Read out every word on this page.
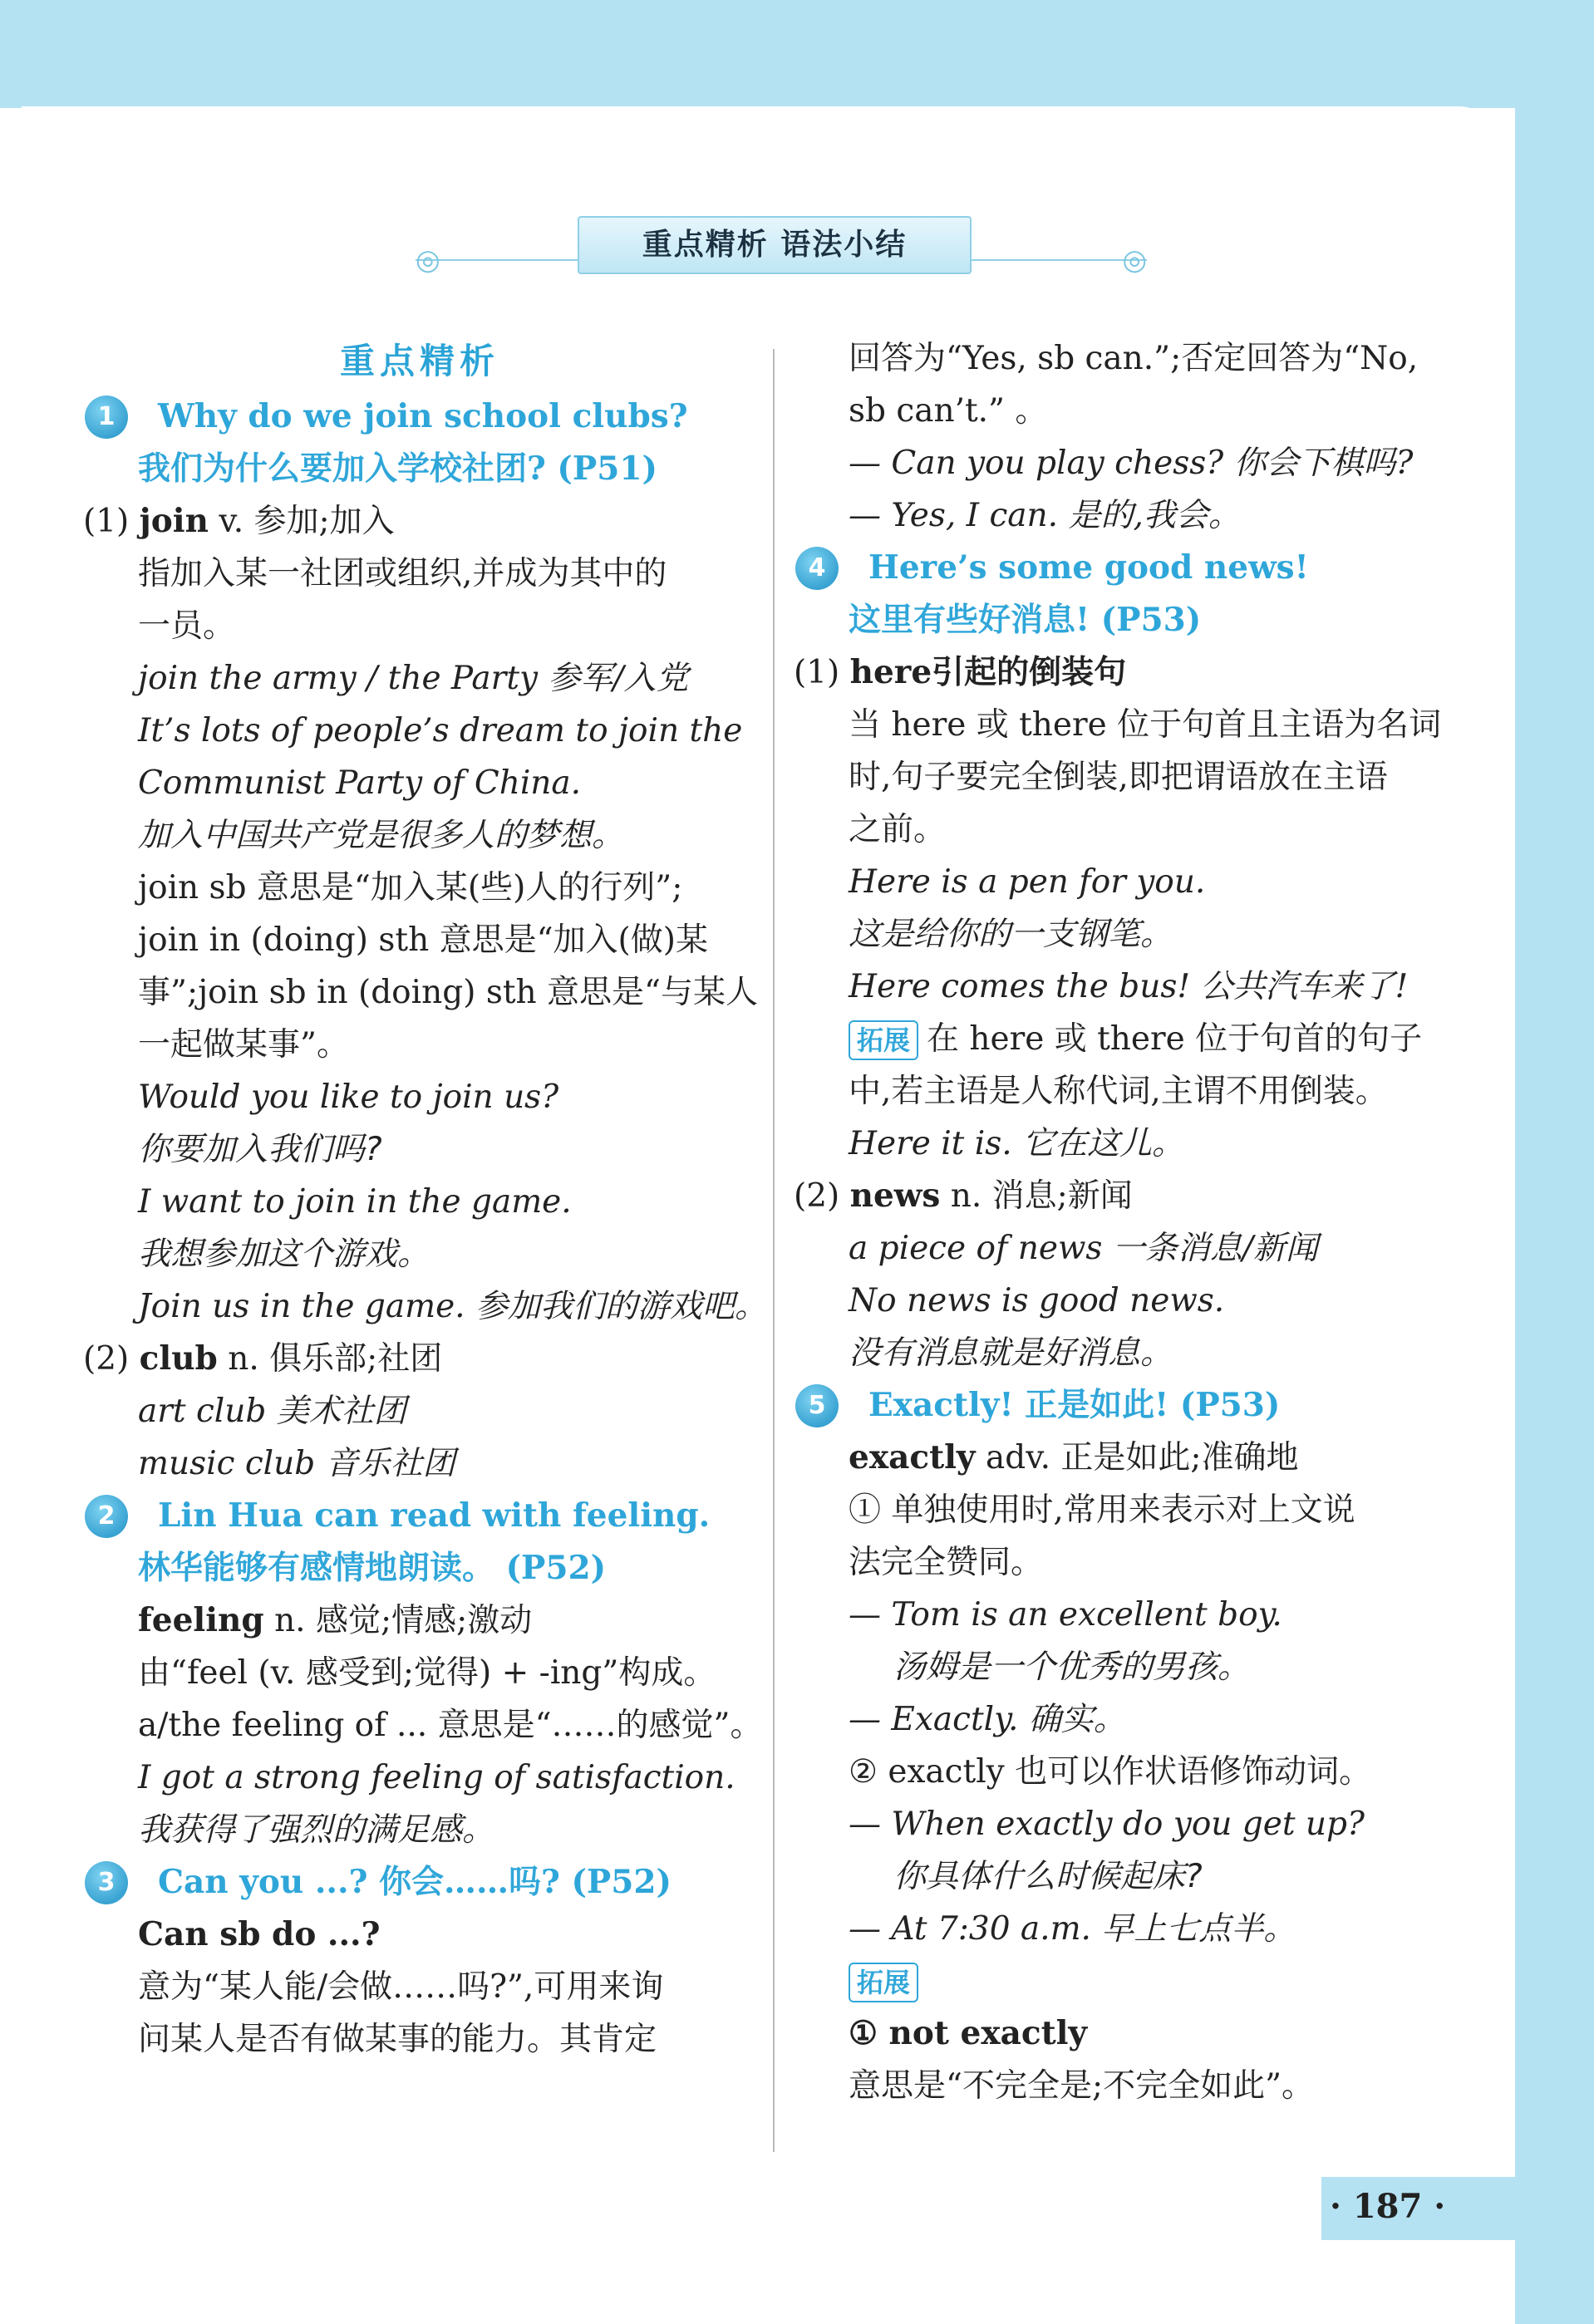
◎	◎
重点精析 语法小结
重点精析
1	Why do we join school clubs?
我们为什么要加入学校社团? (P51)
(1) join v. 参加;加入
指加入某一社团或组织,并成为其中的
一员。
join the army / the Party 参军/入党
It’s lots of people’s dream to join the
Communist Party of China.
加入中国共产党是很多人的梦想。
join sb 意思是“加入某(些)人的行列”;
join in (doing) sth 意思是“加入(做)某
事”;join sb in (doing) sth 意思是“与某人
一起做某事”。
Would you like to join us?
你要加入我们吗?
I want to join in the game.
我想参加这个游戏。
Join us in the game. 参加我们的游戏吧。
(2) club n. 俱乐部;社团
art club 美术社团
music club 音乐社团
2	Lin Hua can read with feeling.
林华能够有感情地朗读。 (P52)
feeling n. 感觉;情感;激动
由“feel (v. 感受到;觉得) + -ing”构成。
a/the feeling of ... 意思是“……的感觉”。
I got a strong feeling of satisfaction.
我获得了强烈的满足感。
3	Can you ...? 你会……吗? (P52)
Can sb do ...?
意为“某人能/会做……吗?”,可用来询
问某人是否有做某事的能力。其肯定
回答为“Yes, sb can.”;否定回答为“No,
sb can’t.” 。
— Can you play chess? 你会下棋吗?
— Yes, I can. 是的,我会。
4	Here’s some good news!
这里有些好消息! (P53)
(1) here引起的倒装句
当 here 或 there 位于句首且主语为名词
时,句子要完全倒装,即把谓语放在主语
之前。
Here is a pen for you.
这是给你的一支钢笔。
Here comes the bus! 公共汽车来了!
拓展 在 here 或 there 位于句首的句子
中,若主语是人称代词,主谓不用倒装。
Here it is. 它在这儿。
(2) news n. 消息;新闻
a piece of news 一条消息/新闻
No news is good news.
没有消息就是好消息。
5	Exactly! 正是如此! (P53)
exactly adv. 正是如此;准确地
① 单独使用时,常用来表示对上文说
法完全赞同。
— Tom is an excellent boy.
汤姆是一个优秀的男孩。
— Exactly. 确实。
② exactly 也可以作状语修饰动词。
— When exactly do you get up?
你具体什么时候起床?
— At 7:30 a.m. 早上七点半。
拓展
① not exactly
意思是“不完全是;不完全如此”。
· 187 ·
